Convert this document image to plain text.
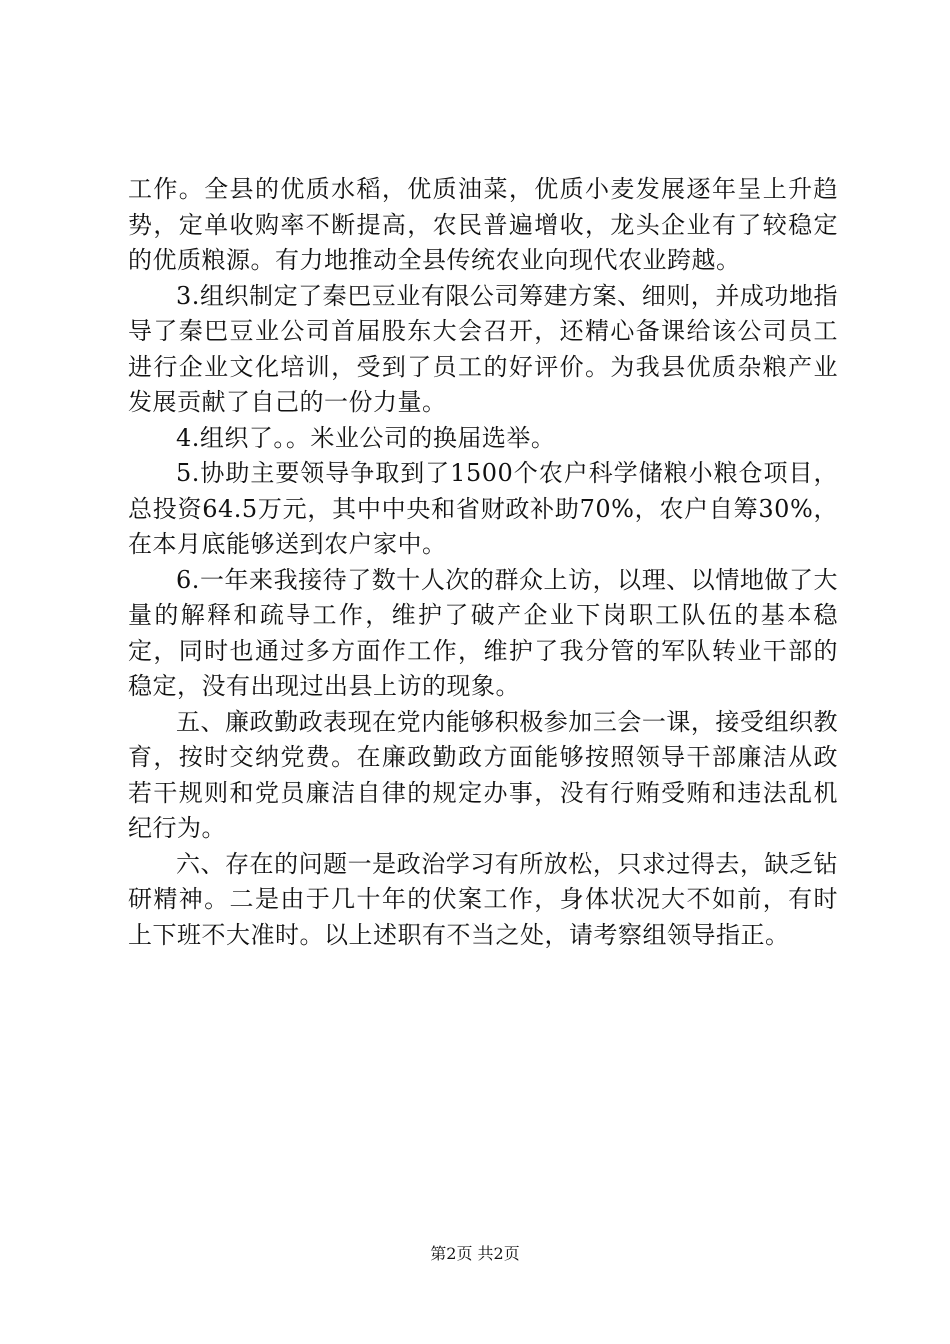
工作。全县的优质水稻，优质油菜，优质小麦发展逐年呈上升趋势，定单收购率不断提高，农民普遍增收，龙头企业有了较稳定的优质粮源。有力地推动全县传统农业向现代农业跨越。

3.组织制定了秦巴豆业有限公司筹建方案、细则，并成功地指导了秦巴豆业公司首届股东大会召开，还精心备课给该公司员工进行企业文化培训，受到了员工的好评价。为我县优质杂粮产业发展贡献了自己的一份力量。

4.组织了。。米业公司的换届选举。

5.协助主要领导争取到了1500个农户科学储粮小粮仓项目，总投资64.5万元，其中中央和省财政补助70%，农户自筹30%，在本月底能够送到农户家中。

6.一年来我接待了数十人次的群众上访，以理、以情地做了大量的解释和疏导工作，维护了破产企业下岗职工队伍的基本稳定，同时也通过多方面作工作，维护了我分管的军队转业干部的稳定，没有出现过出县上访的现象。

五、廉政勤政表现在党内能够积极参加三会一课，接受组织教育，按时交纳党费。在廉政勤政方面能够按照领导干部廉洁从政若干规则和党员廉洁自律的规定办事，没有行贿受贿和违法乱机纪行为。

六、存在的问题一是政治学习有所放松，只求过得去，缺乏钻研精神。二是由于几十年的伏案工作，身体状况大不如前，有时上下班不大准时。以上述职有不当之处，请考察组领导指正。

第2页 共2页
